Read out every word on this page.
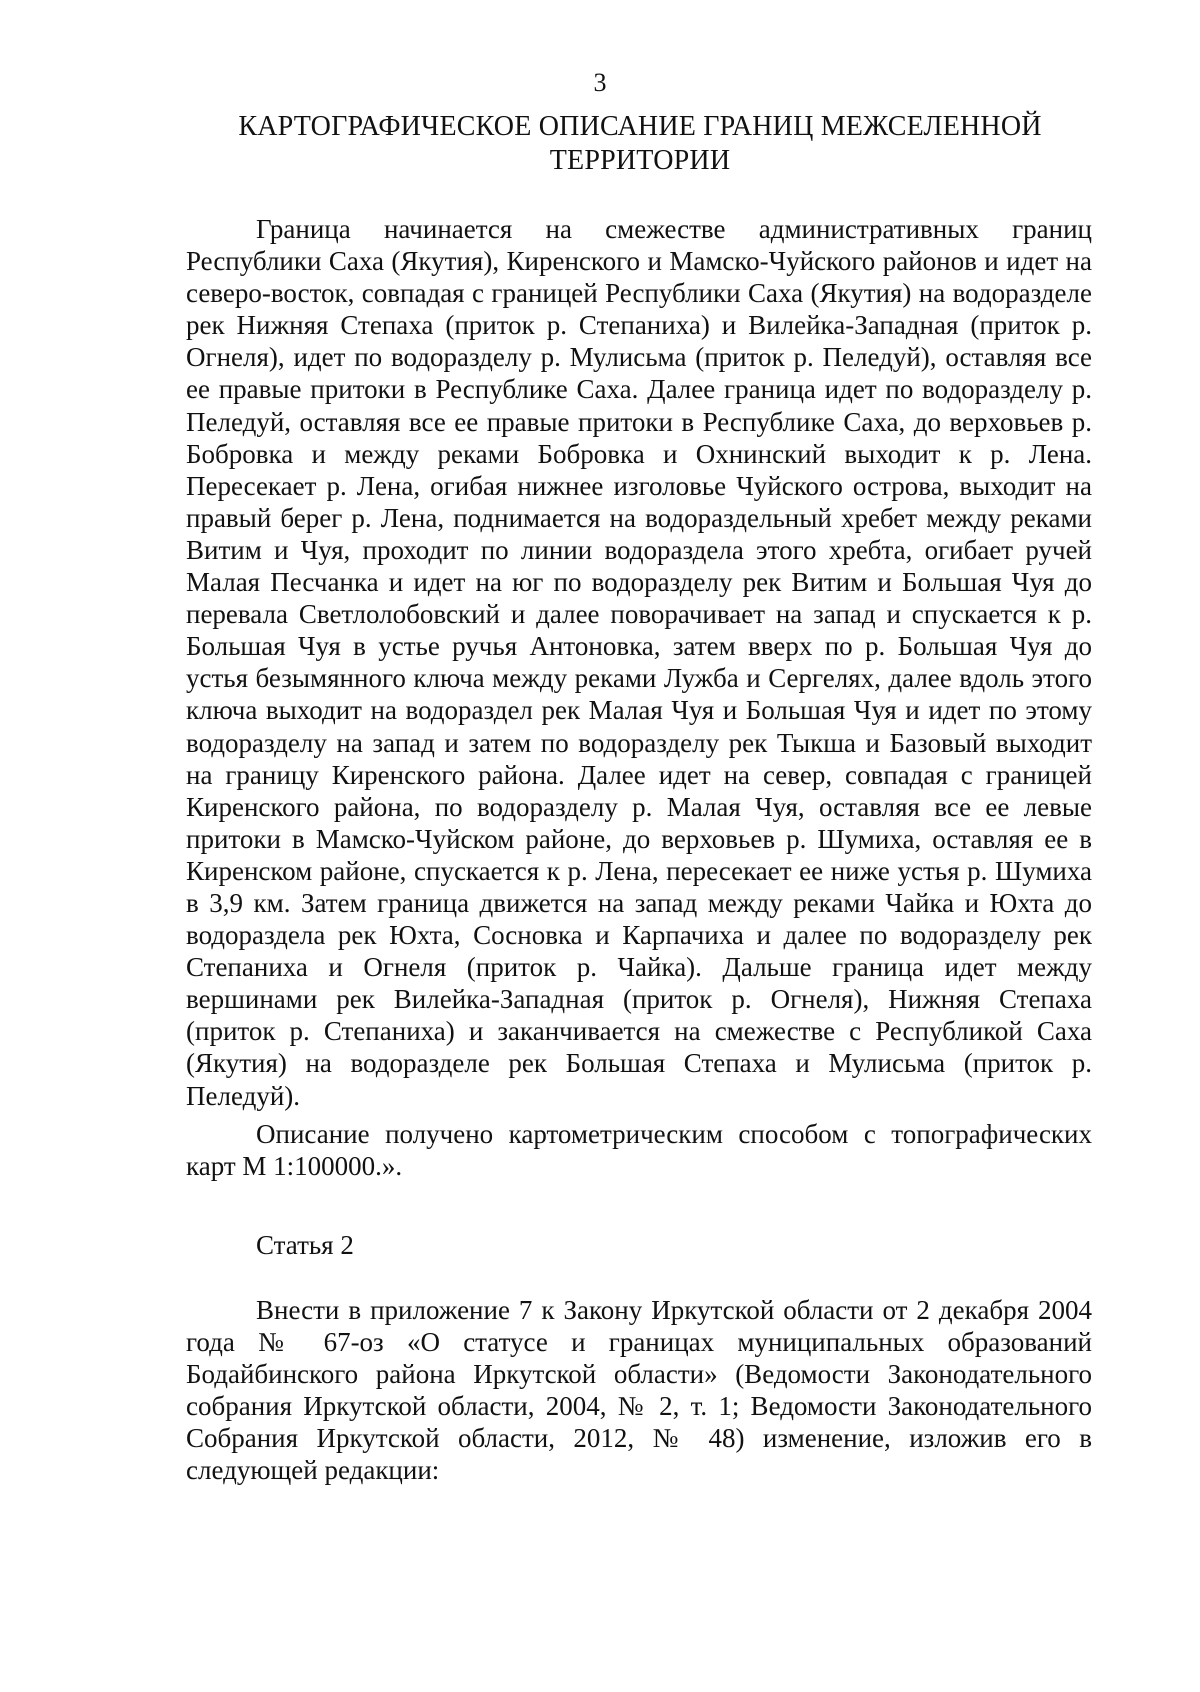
3
КАРТОГРАФИЧЕСКОЕ ОПИСАНИЕ ГРАНИЦ МЕЖСЕЛЕННОЙ
ТЕРРИТОРИИ

Граница начинается на смежестве административных границ Республики Саха (Якутия), Киренского и Мамско-Чуйского районов и идет на северо-восток, совпадая с границей Республики Саха (Якутия) на водоразделе рек Нижняя Степаха (приток р. Степаниха) и Вилейка-Западная (приток р. Огнеля), идет по водоразделу р. Мулисьма (приток р. Пеледуй), оставляя все ее правые притоки в Республике Саха. Далее граница идет по водоразделу р. Пеледуй, оставляя все ее правые притоки в Республике Саха, до верховьев р. Бобровка и между реками Бобровка и Охнинский выходит к р. Лена. Пересекает р. Лена, огибая нижнее изголовье Чуйского острова, выходит на правый берег р. Лена, поднимается на водораздельный хребет между реками Витим и Чуя, проходит по линии водораздела этого хребта, огибает ручей Малая Песчанка и идет на юг по водоразделу рек Витим и Большая Чуя до перевала Светлолобовский и далее поворачивает на запад и спускается к р. Большая Чуя в устье ручья Антоновка, затем вверх по р. Большая Чуя до устья безымянного ключа между реками Лужба и Сергелях, далее вдоль этого ключа выходит на водораздел рек Малая Чуя и Большая Чуя и идет по этому водоразделу на запад и затем по водоразделу рек Тыкша и Базовый выходит на границу Киренского района. Далее идет на север, совпадая с границей Киренского района, по водоразделу р. Малая Чуя, оставляя все ее левые притоки в Мамско-Чуйском районе, до верховьев р. Шумиха, оставляя ее в Киренском районе, спускается к р. Лена, пересекает ее ниже устья р. Шумиха в 3,9 км. Затем граница движется на запад между реками Чайка и Юхта до водораздела рек Юхта, Сосновка и Карпачиха и далее по водоразделу рек Степаниха и Огнеля (приток р. Чайка). Дальше граница идет между вершинами рек Вилейка-Западная (приток р. Огнеля), Нижняя Степаха (приток р. Степаниха) и заканчивается на смежестве с Республикой Саха (Якутия) на водоразделе рек Большая Степаха и Мулисьма (приток р. Пеледуй).

Описание получено картометрическим способом с топографических карт М 1:100000.».

Статья 2

Внести в приложение 7 к Закону Иркутской области от 2 декабря 2004 года № 67-оз «О статусе и границах муниципальных образований Бодайбинского района Иркутской области» (Ведомости Законодательного собрания Иркутской области, 2004, № 2, т. 1; Ведомости Законодательного Собрания Иркутской области, 2012, № 48) изменение, изложив его в следующей редакции:
